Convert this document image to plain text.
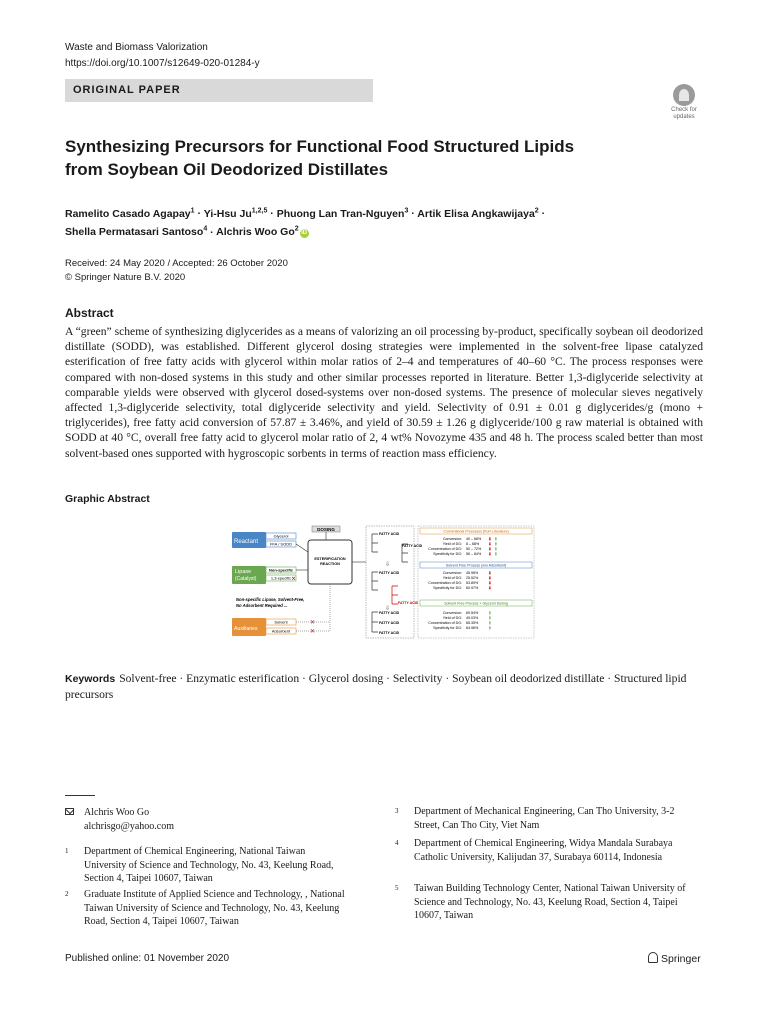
Waste and Biomass Valorization
https://doi.org/10.1007/s12649-020-01284-y
ORIGINAL PAPER
Check for
updates
Synthesizing Precursors for Functional Food Structured Lipids
from Soybean Oil Deodorized Distillates
Ramelito Casado Agapay$^1$ · Yi-Hsu Ju$^{1,2,5}$ · Phuong Lan Tran-Nguyen$^3$ · Artik Elisa Angkawijaya$^2$ ·
Shella Permatasari Santoso$^4$ · Alchris Woo Go$^2$iD
Received: 24 May 2020 / Accepted: 26 October 2020
© Springer Nature B.V. 2020
Abstract
A “green” scheme of synthesizing diglycerides as a means of valorizing an oil processing by-product, specifically soybean oil deodorized distillate (SODD), was established. Different glycerol dosing strategies were implemented in the solvent-free lipase catalyzed esterification of free fatty acids with glycerol within molar ratios of 2–4 and temperatures of 40–60 °C. The process responses were compared with non-dosed systems in this study and other similar processes reported in literature. Better 1,3-diglyceride selectivity at comparable yields were observed with glycerol dosed-systems over non-dosed systems. The presence of molecular sieves negatively affected 1,3-diglyceride selectivity, total diglyceride selectivity and yield. Selectivity of 0.91 ± 0.01 g diglycerides/g (mono + triglycerides), free fatty acid conversion of 57.87 ± 3.46%, and yield of 30.59 ± 1.26 g diglyceride/100 g raw material is obtained with SODD at 40 °C, overall free fatty acid to glycerol molar ratio of 2, 4 wt% Novozyme 435 and 48 h. The process scaled better than most solvent-based ones supported with hygroscopic sorbents in terms of reaction mass efficiency.
Graphic Abstract
DOSING
Reactant
Glycerol
FFA / SODD
Lipase
(Catalyst)
Non-specific
1,3-specific ✕
ESTERIFICATION
REACTION
Non-specific Lipase, Solvent-Free,
No Adsorbent Required ...
Auxiliaries
Solvent
Adsorbent
✕
✕
FATTY ACID
FATTY ACID
FATTY ACID
FATTY ACID
FATTY ACID
FATTY ACID
FATTY ACID
⇩
⇩
Conventional Processes (from Literature)
Conversion: 40 – 68%
Yield of DG: 8 – 68%
Concentration of DG: 50 – 72%
Specificity for DG: 56 – 84%
Solvent Free Process (w/o Adsorbent)
Conversion: 45.98%
Yield of DG: 25.52%
Concentration of DG: 53.89%
Specificity for DG: 60.97%
Solvent Free Process + Glycerol Dosing
Conversion: 69.54%
Yield of DG: 49.03%
Concentration of DG: 65.35%
Specificity for DG: 64.96%
⬇ ⬆
⬇ ⬆
⬇ ⬆
⬇ ⬆
⬇
⬇
⬇
⬇
⬆
⬆
⬆
⬆
Keywords Solvent-free · Enzymatic esterification · Glycerol dosing · Selectivity · Soybean oil deodorized distillate · Structured lipid precursors
Alchris Woo Go
alchrisgo@yahoo.com
1 Department of Chemical Engineering, National Taiwan University of Science and Technology, No. 43, Keelung Road, Section 4, Taipei 10607, Taiwan
2 Graduate Institute of Applied Science and Technology, , National Taiwan University of Science and Technology, No. 43, Keelung Road, Section 4, Taipei 10607, Taiwan
3 Department of Mechanical Engineering, Can Tho University, 3-2 Street, Can Tho City, Viet Nam
4 Department of Chemical Engineering, Widya Mandala Surabaya Catholic University, Kalijudan 37, Surabaya 60114, Indonesia
5 Taiwan Building Technology Center, National Taiwan University of Science and Technology, No. 43, Keelung Road, Section 4, Taipei 10607, Taiwan
Published online: 01 November 2020	Springer
